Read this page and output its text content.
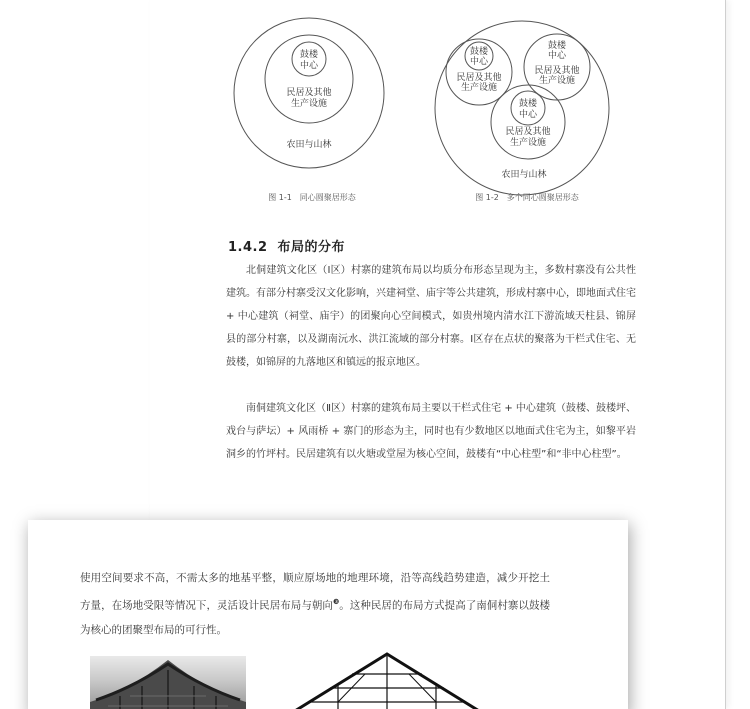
鼓楼
中心
民居及其他
生产设施
农田与山林
图 1-1　同心圆聚居形态
鼓楼
中心
民居及其他
生产设施
鼓楼
中心
民居及其他
生产设施
鼓楼
中心
民居及其他
生产设施
农田与山林
图 1-2　多个同心圆聚居形态
1.4.2 布局的分布

北侗建筑文化区（Ⅰ区）村寨的建筑布局以均质分布形态呈现为主，多数村寨没有公共性建筑。有部分村寨受汉文化影响，兴建祠堂、庙宇等公共建筑，形成村寨中心，即地面式住宅 + 中心建筑（祠堂、庙宇）的团聚向心空间模式，如贵州境内清水江下游流域天柱县、锦屏县的部分村寨，以及湖南沅水、洪江流域的部分村寨。Ⅰ区存在点状的聚落为干栏式住宅、无鼓楼，如锦屏的九落地区和镇远的报京地区。

南侗建筑文化区（Ⅱ区）村寨的建筑布局主要以干栏式住宅 + 中心建筑（鼓楼、鼓楼坪、戏台与萨坛）+ 风雨桥 + 寨门的形态为主，同时也有少数地区以地面式住宅为主，如黎平岩洞乡的竹坪村。民居建筑有以火塘或堂屋为核心空间，鼓楼有“中心柱型”和“非中心柱型”。

使用空间要求不高，不需太多的地基平整，顺应原场地的地理环境，沿等高线趋势建造，减少开挖土方量，在场地受限等情况下，灵活设计民居布局与朝向$^❸$。这种民居的布局方式提高了南侗村寨以鼓楼为核心的团聚型布局的可行性。
